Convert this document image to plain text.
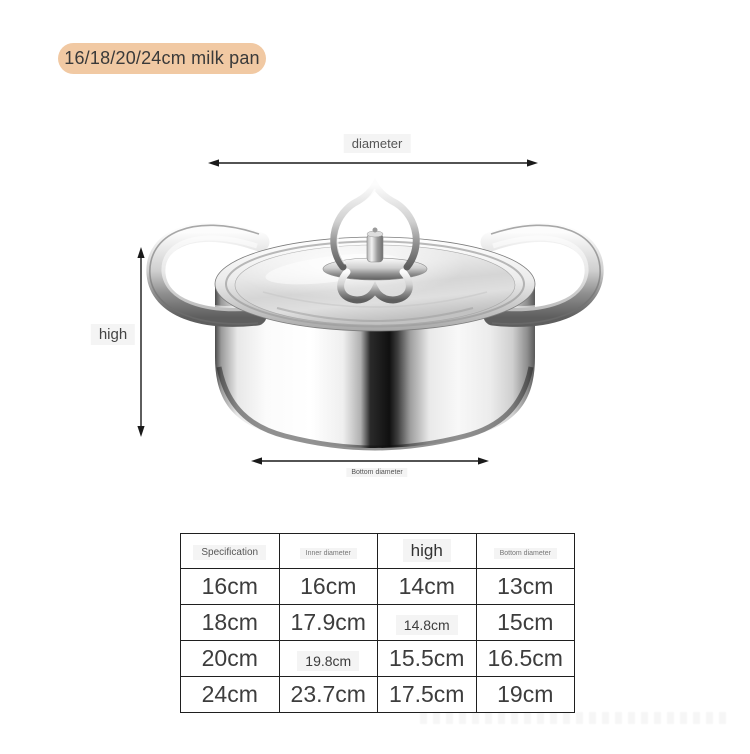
16/18/20/24cm milk pan
diameter
high
Bottom diameter
Specification	Inner diameter	high	Bottom diameter
16cm	16cm	14cm	13cm
18cm	17.9cm	14.8cm	15cm
20cm	19.8cm	15.5cm	16.5cm
24cm	23.7cm	17.5cm	19cm
